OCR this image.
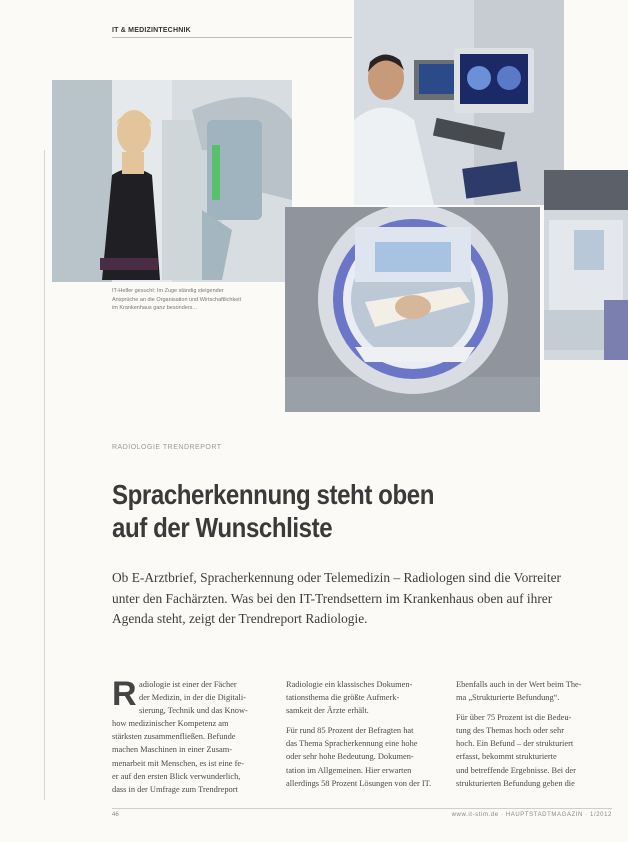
IT & MEDIZINTECHNIK
IT-Helfer gesucht: Im Zuge ständig steigender
Ansprüche an die Organisation und Wirtschaftlichkeit
im Krankenhaus ganz besonders...
RADIOLOGIE TRENDREPORT
Spracherkennung steht oben
auf der Wunschliste
Ob E-Arztbrief, Spracherkennung oder Telemedizin – Radiologen sind die Vorreiter
unter den Fachärzten. Was bei den IT-Trendsettern im Krankenhaus oben auf ihrer
Agenda steht, zeigt der Trendreport Radiologie.
R adiologie ist einer der Fächer
der Medizin, in der die Digitali-
sierung, Technik und das Know-
how medizinischer Kompetenz am
stärksten zusammenfließen. Befunde
machen Maschinen in einer Zusam-
menarbeit mit Menschen, es ist eine fe-
er auf den ersten Blick verwunderlich,
dass in der Umfrage zum Trendreport
Radiologie ein klassisches Dokumen-
tationsthema die größte Aufmerk-
samkeit der Ärzte erhält.
Für rund 85 Prozent der Befragten hat
das Thema Spracherkennung eine hohe
oder sehr hohe Bedeutung. Dokumen-
tation im Allgemeinen. Hier erwarten
allerdings 58 Prozent Lösungen von der IT.
Ebenfalls auch in der Wert beim The-
ma „Strukturierte Befundung“.
Für über 75 Prozent ist die Bedeu-
tung des Themas hoch oder sehr
hoch. Ein Befund – der strukturiert
erfasst, bekommt strukturierte
und betreffende Ergebnisse. Bei der
strukturierten Befundung geben die
46	www.it-stim.de · HAUPTSTADTMAGAZIN · 1/2012
